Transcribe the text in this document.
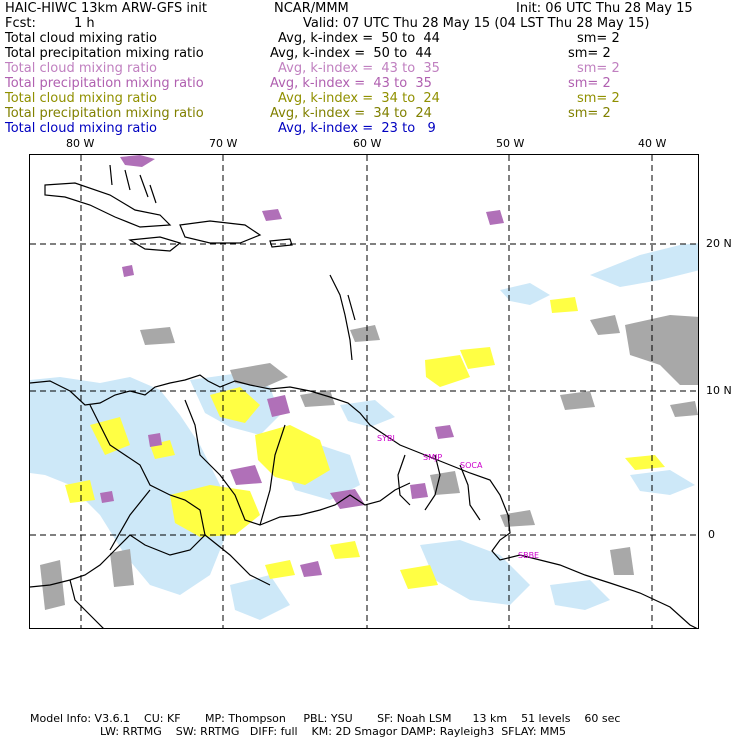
HAIC-HIWC 13km ARW-GFS init	NCAR/MMM	Init: 06 UTC Thu 28 May 15
Fcst:	1 h	Valid: 07 UTC Thu 28 May 15 (04 LST Thu 28 May 15)
Total cloud mixing ratio	Avg, k-index =  50 to  44	sm= 2
Total precipitation mixing ratio	Avg, k-index =  50 to  44	sm= 2
Total cloud mixing ratio	Avg, k-index =  43 to  35	sm= 2
Total precipitation mixing ratio	Avg, k-index =  43 to  35	sm= 2
Total cloud mixing ratio	Avg, k-index =  34 to  24	sm= 2
Total precipitation mixing ratio	Avg, k-index =  34 to  24	sm= 2
Total cloud mixing ratio	Avg, k-index =  23 to   9
80 W	70 W	60 W	50 W	40 W
20 N
10 N
0
SYBI
SMJP
SOCA
SBBE
Model Info: V3.6.1    CU: KF       MP: Thompson     PBL: YSU       SF: Noah LSM      13 km    51 levels    60 sec
LW: RRTMG    SW: RRTMG   DIFF: full    KM: 2D Smagor DAMP: Rayleigh3  SFLAY: MM5
